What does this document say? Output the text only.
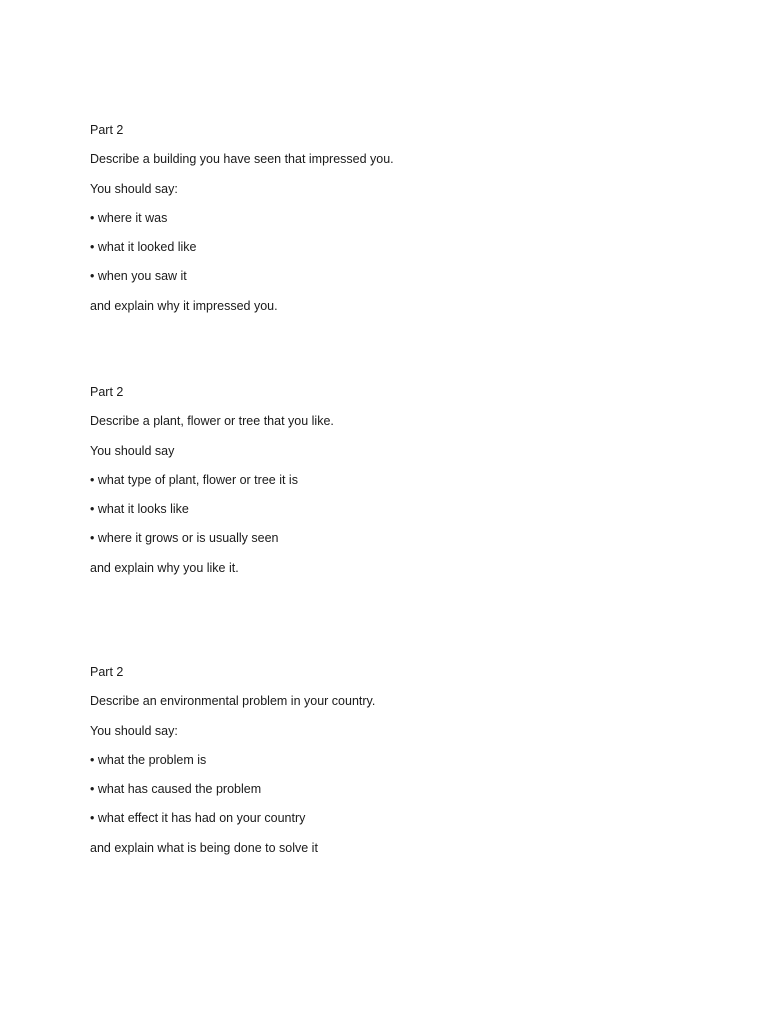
Part 2
Describe a building you have seen that impressed you.
You should say:
• where it was
• what it looked like
• when you saw it
and explain why it impressed you.
Part 2
Describe a plant, flower or tree that you like.
You should say
• what type of plant, flower or tree it is
• what it looks like
• where it grows or is usually seen
and explain why you like it.
Part 2
Describe an environmental problem in your country.
You should say:
• what the problem is
• what has caused the problem
• what effect it has had on your country
and explain what is being done to solve it
